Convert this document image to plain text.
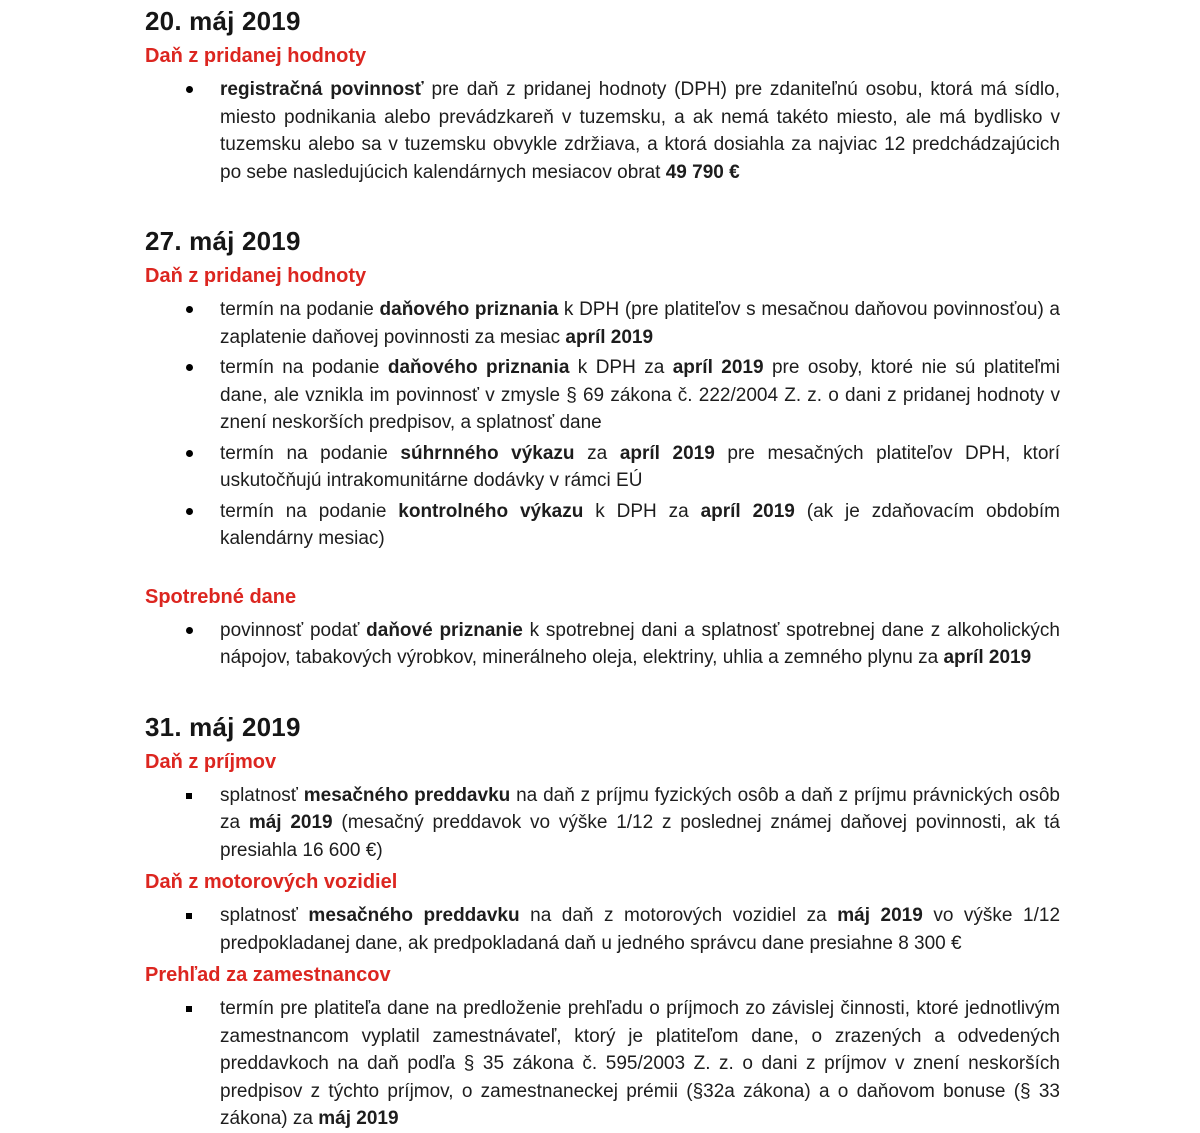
20. máj 2019
Daň z pridanej hodnoty
registračná povinnosť pre daň z pridanej hodnoty (DPH) pre zdaniteľnú osobu, ktorá má sídlo, miesto podnikania alebo prevádzkareň v tuzemsku, a ak nemá takéto miesto, ale má bydlisko v tuzemsku alebo sa v tuzemsku obvykle zdržiava, a ktorá dosiahla za najviac 12 predchádzajúcich po sebe nasledujúcich kalendárnych mesiacov obrat 49 790 €
27. máj 2019
Daň z pridanej hodnoty
termín na podanie daňového priznania k DPH (pre platiteľov s mesačnou daňovou povinnosťou) a zaplatenie daňovej povinnosti za mesiac apríl 2019
termín na podanie daňového priznania k DPH za apríl 2019 pre osoby, ktoré nie sú platiteľmi dane, ale vznikla im povinnosť v zmysle § 69 zákona č. 222/2004 Z. z. o dani z pridanej hodnoty v znení neskorších predpisov, a splatnosť dane
termín na podanie súhrnného výkazu za apríl 2019 pre mesačných platiteľov DPH, ktorí uskutočňujú intrakomunitárne dodávky v rámci EÚ
termín na podanie kontrolného výkazu k DPH za apríl 2019 (ak je zdaňovacím obdobím kalendárny mesiac)
Spotrebné dane
povinnosť podať daňové priznanie k spotrebnej dani a splatnosť spotrebnej dane z alkoholických nápojov, tabakových výrobkov, minerálneho oleja, elektriny, uhlia a zemného plynu za apríl 2019
31. máj 2019
Daň z príjmov
splatnosť mesačného preddavku na daň z príjmu fyzických osôb a daň z príjmu právnických osôb za máj 2019 (mesačný preddavok vo výške 1/12 z poslednej známej daňovej povinnosti, ak tá presiahla 16 600 €)
Daň z motorových vozidiel
splatnosť mesačného preddavku na daň z motorových vozidiel za máj 2019 vo výške 1/12 predpokladanej dane, ak predpokladaná daň u jedného správcu dane presiahne 8 300 €
Prehľad za zamestnancov
termín pre platiteľa dane na predloženie prehľadu o príjmoch zo závislej činnosti, ktoré jednotlivým zamestnancom vyplatil zamestnávateľ, ktorý je platiteľom dane, o zrazených a odvedených preddavkoch na daň podľa § 35 zákona č. 595/2003 Z. z. o dani z príjmov v znení neskorších predpisov z týchto príjmov, o zamestnaneckej prémii (§32a zákona) a o daňovom bonuse (§ 33 zákona) za máj 2019
